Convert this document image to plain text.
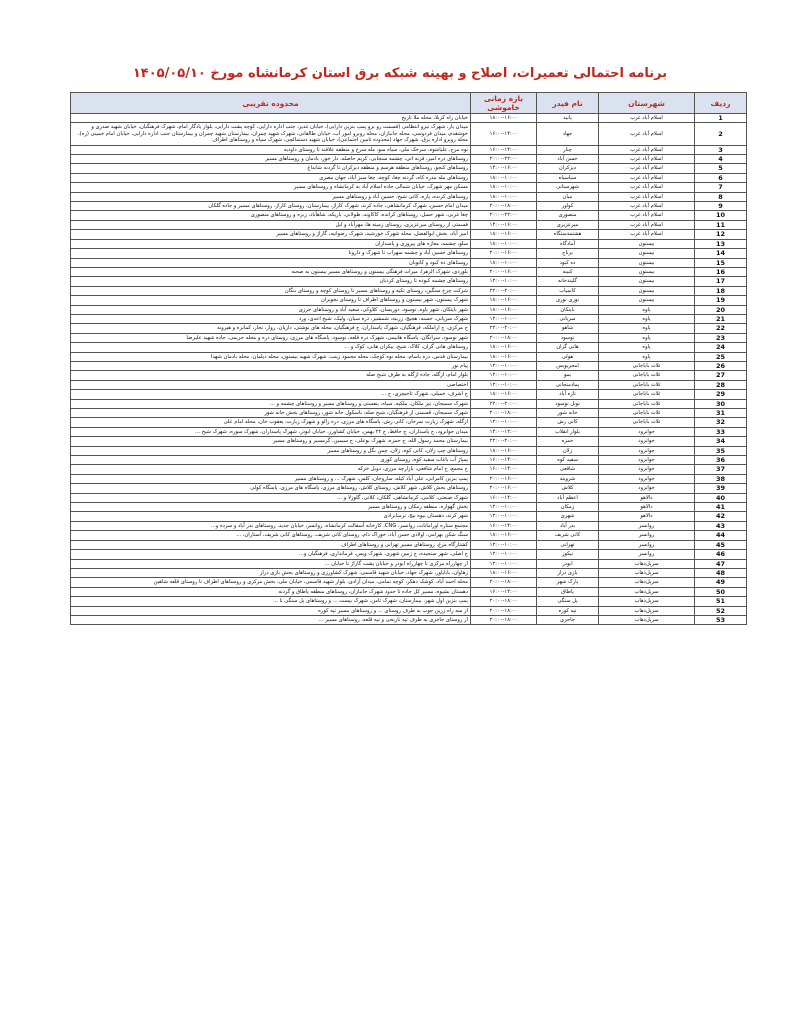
برنامه احتمالی تعمیرات، اصلاح و بهینه شبکه برق استان کرمانشاه مورخ ۱۴۰۵/۰۵/۱۰
ردیف	شهرستان	نام فیدر	بازه زمانی خاموشی	محدوده تقریبی
1	اسلام آباد غرب	پانید	۱۸:۰۰-۱۶:۰۰	خیابان راه کربلا، محله ملا تاریخ
2	اسلام آباد غرب	جهاد	۱۶:۰۰-۱۴:۰۰	میدان یار، شهرک نیرو انتظامی (قسمت رو برو پمپ بنزین دارایی)، خیابان غدیر، جنب اداره دارایی، کوچه پشت دارایی، بلوار یادگار امام، شهرک فرهنگیان، خیابان شهید صدری و خوشقدم، میدان فردوسی، محله جانبازان، محله روبرو امور آب، خیابان طالقانی، شهرک شهید چمران، بیمارستان شهید چمران و بیمارستان جنب اداره دارایی، خیابان امام خمینی (ره)، محله روبرو اداره برق، شهرک جهاد (محدوده تامین اجتماعی)، خیابان شهید دستمالچی، شهرک سپاه و روستاهای اطراف
3	اسلام آباد غرب	چنار	۱۶:۰۰-۱۴:۰۰	نوه مرج، علیاشوه، سرخک ملی، سیاه سو، مله سرخ و منطقه علاقند تا روستای داودیه
4	اسلام آباد غرب	حسن آباد	۲۰:۰۰-۲۲:۰۰	روستاهای دره امیر، قرنه اتی، چشمه سنجابی، کریم حاصله، دار خور، بادمان و روستاهای مسیر
5	اسلام آباد غرب	دیزکران	۱۴:۰۰-۱۶:۰۰	روستاهای کنجو، روستاهای منطقه هرسم و منطقه دیزکران تا گردنه شابداغ
6	اسلام آباد غرب	سیاسیاه	۱۸:۰۰-۱۰:۰۰	روستاهای مله مدره کاه، گردنه چغا، کوچه، چغا سبز آباد، جهان مصری
7	اسلام آباد غرب	شهرستانی	۱۸:۰۰-۱۰:۰۰	مسکن مهر شهرک، خیابان شمالی جاده اسلام آباد به کرمانشاه و روستاهای مسیر
8	اسلام آباد غرب	نبیان	۱۸:۰۰-۱۰:۰۰	روستاهای کرنده، پاره، کانی شیخ، حسین آباد و روستاهای مسیر
9	اسلام آباد غرب	کواور	۲۰:۰۰-۱۸:۰۰	میدان امام حسین، شهرک کرمانشاهی، جاده کرند، شهرک کاراژ، بیمارستان، روستای کاراژ، روستاهای مسیر و جاده گلکان
10	اسلام آباد غرب	منصوری	۲۰:۰۰-۲۲:۰۰	چغا غربی، شهر حسل، روستاهای کرانده، کاکاوند، طولانی، باریکه، شاهآباد، زبزه و روستاهای منصوری
11	اسلام آباد غرب	میرعزیزی	۱۴:۰۰-۱۶:۰۰	قسمتی از روستای میرعزیزی، روستای زمینه ها، مهرآباد و ایل
12	اسلام آباد غرب	هشتمدستگاه	۱۸:۰۰-۱۶:۰۰	امیر آباد، بخش ابوالفضل، محله شهرک خورشید، شهرک رضوانیه، گاراژ و روستاهای مسیر
13	بیستون	آمادگاه	۱۸:۰۰-۱۰:۰۰	سلو، چشمه، معازه های پیروزی و پاسداران
14	بیستون	برناج	۲۰:۰۰-۱۶:۰۰	روستاهای حسین آباد و چشمه سهراب تا شهرک و دارونا
15	بیستون	ده کبود	۱۸:۰۰-۱۰:۰۰	روستاهای ده کبود و کانوبان
16	بیستون	کنینه	۲۰:۰۰-۱۶:۰۰	بلوردی، شهرک الزهرا، میراث فرهنگی بیستون و روستاهای مسیر بیستون به صحنه
17	بیستون	گلیندخانه	۱۲:۰۰-۱۰:۰۰	روستاهای چشمه کبوده تا روستای کردیان
18	بیستون	کانمیاب	۲۲:۰۰-۲۰:۰۰	شرکت چرخ سنگین، روستای تکیه و روستاهای مسیر تا روستای کوچه و روستای بنگان
19	بیستون	نوری نوری	۱۸:۰۰-۱۶:۰۰	شهرک بیستون، شهر بیستون و روستاهای اطراف تا روستای نجوبران
20	پاوه	بایتکان	۱۸:۰۰-۱۶:۰۰	شهر بایتکان، شهر پاوه، نوسود، دوریسان، کلاوکی، سعید آباد و روستاهای حرزی
21	پاوه	سرپانی	۱۲:۰۰-۱۰:۰۰	شهرک سرپانی، حسنه، هجیج، زرینه، شمشیر، دره سیان، ولیک، شیخ اعدی، ورد
22	پاوه	شاهو	۲۲:۰۰-۲۰:۰۰	ج مرکزی، ج اراملکه، فرهنگیان، شهرک پاسداران، ج فرهنگیان، محله های نوشتی، داریان، روار، نجار، کمانره و هیرونه
23	پاوه	نوسود	۲۰:۰۰-۱۸:۰۰	شهر نوسود، سرانگان، پاسگاه هانیمی، شهرک دره قلعه، نوسود، پاسگاه های مرزی، روستای دره و محله حریمی، جاده شهید علیرضا
24	پاوه	هانی گران	۱۸:۰۰-۱۶:۰۰	روستاهای هانی گران، کلاک، شیخ، بیکران هانی، کوک و ...
25	پاوه	هولی	۱۸:۰۰-۱۶:۰۰	بیمارستان قدس، دره باسام، محله نوه کوچک، محله محمود زینب، شهرک شهید بیستون، محله دیلمان، محله بادمان شهدا
26	ثلاث باباجانی	امجریویس	۱۲:۰۰-۱۰:۰۰	پیام نور
27	ثلاث باباجانی	بمو	۱۲:۰۰-۱۰:۰۰	بلوار امام، ازگله، جاده ازگله به طرف شیخ صله
28	ثلاث باباجانی	پمادمنجانی	۱۲:۰۰-۱۰:۰۰	اختصاصی
29	ثلاث باباجانی	تازه آباد	۱۸:۰۰-۱۶:۰۰	ج اشرف، خمیلی، شهرک تاخیچری، ج ...
30	ثلاث باباجانی	تونل نوسود	۲۲:۰۰-۲۰:۰۰	شهرک سمیجان، نیز ملکان، ملکیه، سیاه، بنفستی و روستاهای مسیر و روستاهای چشمه و ...
31	ثلاث باباجانی	خانه شور	۲۰:۰۰-۱۸:۰۰	شهرک سمیجان، قسمتی از فرهنگیان، شیخ صله، باسکول خانه شور، روستاهای بخش خانه شور
32	ثلاث باباجانی	کانی رش	۱۲:۰۰-۱۰:۰۰	ازگله، شهرک زیارت نمرخان، کانی رش، پاسگاه های مرزی، دره زالو و شهرک زیارت، یعقوب خان، محله امام علی
33	جوانرود	بلوار انقلاب	۱۴:۰۰-۱۲:۰۰	میدان جوانرود، ج پاسداران، ج حافظ، ج ۲۲ بهمن، خیابان کشاورز، خیابان ابوذر، شهرک پاسداران، شهرک سوره، شهرک شیخ ...
34	جوانرود	حمزه	۲۲:۰۰-۲۰:۰۰	بیمارستان محمد رسول الله، ج حمزه، شهرک بوعلی، ج سیمین، گرمسیر و روستاهای مسیر
35	جوانرود	زلان	۱۸:۰۰-۱۶:۰۰	روستاهای چپ زلان، کانی کوه، زلان، چمن بگل و روستاهای مسیر
36	جوانرود	سفید کوه	۱۶:۰۰-۱۴:۰۰	پمپاژ آب باغات سفید کوه، روستای کوری
37	جوانرود	شافعی	۱۶:۰۰-۱۴:۰۰	ج مجمع، ج امام شافعی، بازارچه مرزی، دوبل خرکه
38	جوانرود	شروینه	۲۰:۰۰-۱۶:۰۰	پمپ بنزین کامرانی، علی آباد کیله، ساروخان، کلس، شهرک ... و روستاهای مسیر
39	جوانرود	کلاش	۲۰:۰۰-۱۶:۰۰	روستاهای بخش کلاش، شهر کلاش، روستای کلاش، روستاهای مرزی، پاسگاه های مرزی، پاسگاه کولی
40	دالاهو	اعظم آباد	۱۶:۰۰-۱۴:۰۰	شهرک صنعتی، کلامی، کرمانشاهی، گلکان، کلاتی، گلوزلا و ...
41	دالاهو	زمکان	۱۲:۰۰-۱۰:۰۰	بخش گهواره، منطقه زمکان و روستاهای مسیر
42	دالاهو	شهری	۱۲:۰۰-۱۰:۰۰	شهر کرند، دهستان بیوه نیج، ترمنابزادی
43	روانسر	بدر آباد	۱۶:۰۰-۱۴:۰۰	مجتمع ستاره اورامانات، روانسر، CNG، کارخانه آسفالت کرمانشاه، روانسر، خیابان جدید، روستاهای بدر آباد و سرده و...
44	روانسر	کانی شریف	۱۸:۰۰-۱۶:۰۰	سنگ شکن بهرامی، اولادی حسن آباد، خوراک دام، روستای کانی شریف، روستاهای کانی شریف، آستاران، ...
45	روانسر	تهرانی	۱۲:۰۰-۱۰:۰۰	کشتارگاه مرغ، روستاهای مسیر تهرانی و روستاهای اطراف
46	روانسر	نیکوز	۱۲:۰۰-۱۰:۰۰	ج اصلی، شهر سنجیده، ج زمین شهری، شهرک ویس، فرمانداری، فرهنگیان و...
47	سرپل‌ذهاب	ابوذر	۱۲:۰۰-۱۰:۰۰	از چهارراه مرکزی تا چهارراه ابوذر و خیابان پشت گاراژ تا خیابان ...
48	سرپل‌ذهاب	بازی دراز	۱۸:۰۰-۱۶:۰۰	زهاوان، بابایاور، شهرک جهاد، خیابان شهید قاسمی، شهرک کشاورزی و روستاهای بخش بازی دراز
49	سرپل‌ذهاب	پارک شهر	۲۰:۰۰-۱۸:۰۰	محله احمد آباد، کوشک دهکر، کوچه تمامی، میدان آزادی، بلوار شهید قاسمی، خیابان ملی، بخش مرکزی و روستاهای اطراف تا روستای قلعه شاهین
50	سرپل‌ذهاب	پاطاق	۱۶:۰۰-۱۴:۰۰	دهستان بشیوه، مسیر کل جاده تا حدود شهرک جانبازان، روستاهای منطقه پاطاق و گردنه
51	سرپل‌ذهاب	پل سنگی	۲۰:۰۰-۱۸:۰۰	پمپ بنزین اول شهر، بیمارستان، شهرک ثامن، شهرک بیست ... و روستاهای پل سنگی تا ...
52	سرپل‌ذهاب	تپه کوره	۲۰:۰۰-۱۸:۰۰	از سه راه زرین جوب به طرف روستای ... و روستاهای مسیر تپه کوره
53	سرپل‌ذهاب	جاجری	۲۰:۰۰-۱۸:۰۰	از روستای جاجری به طرف تپه تاریخی و تپه قلعه، روستاهای مسیر ...
